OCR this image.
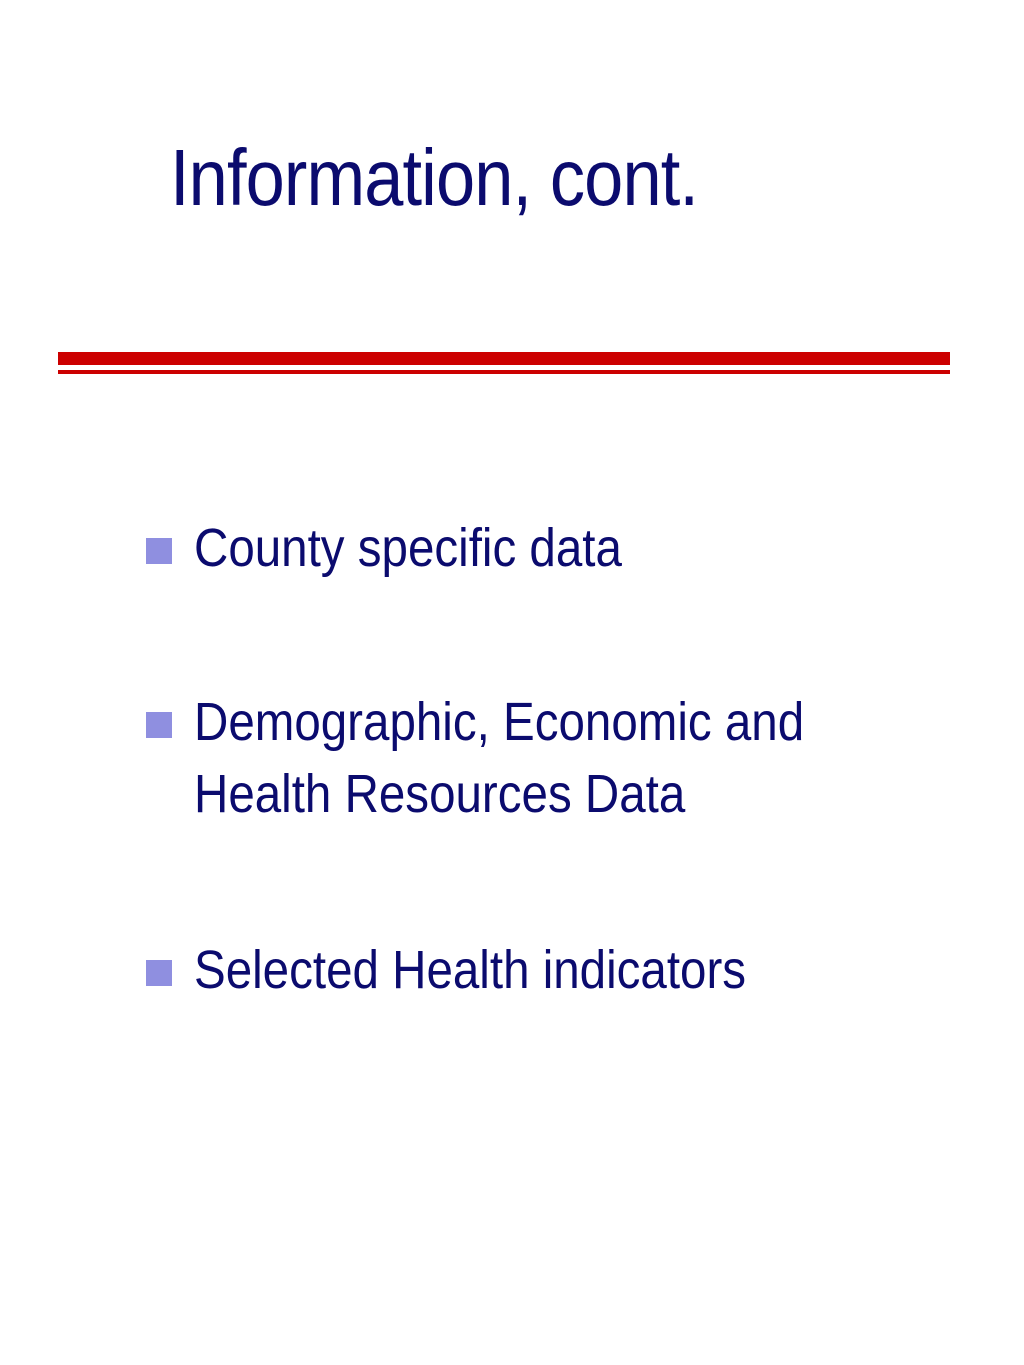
Information, cont.
County specific data
Demographic, Economic and
Health Resources Data
Selected Health indicators
